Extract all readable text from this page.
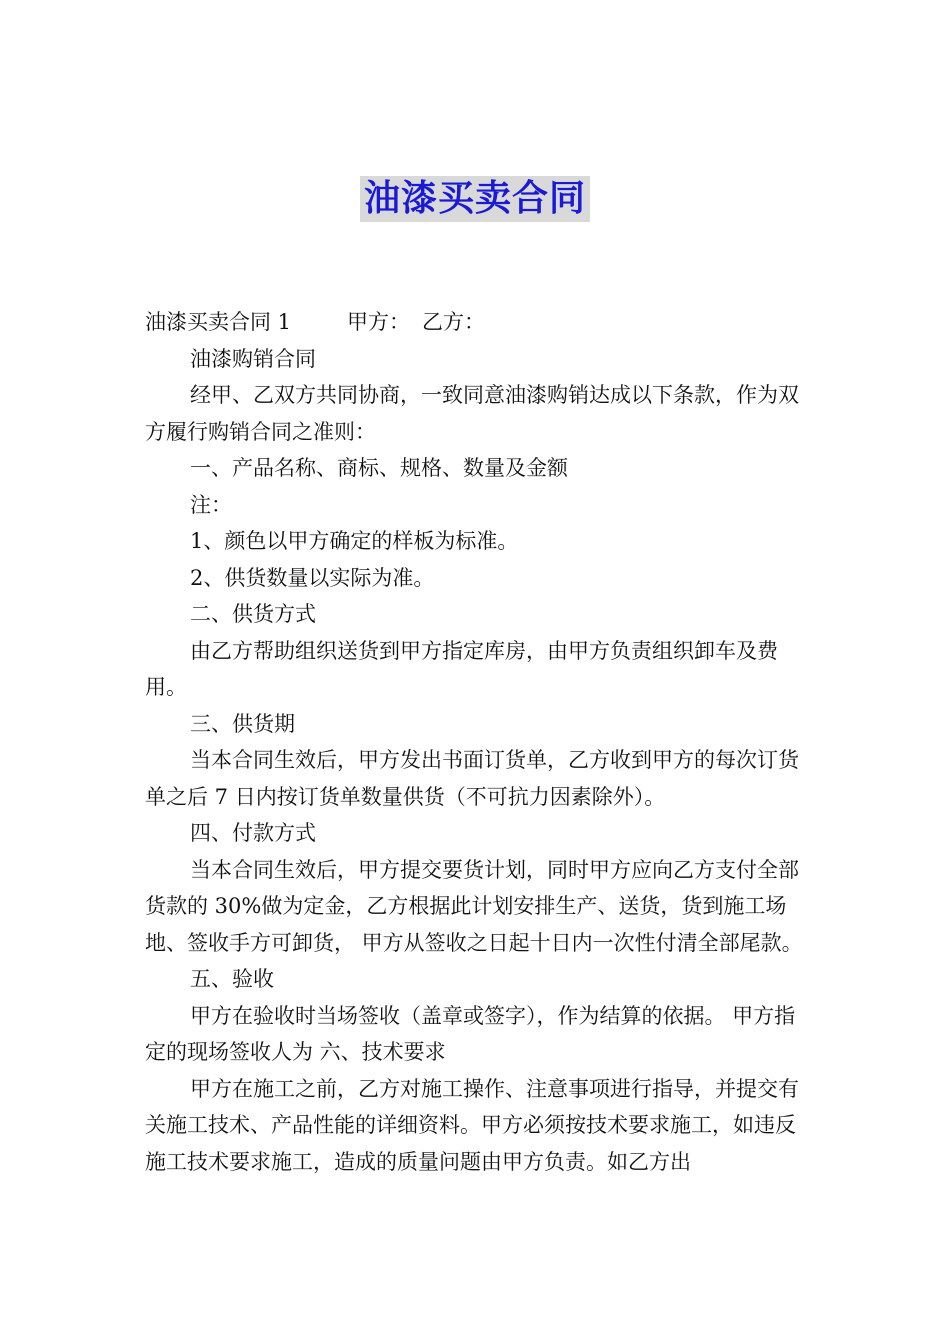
油漆买卖合同

油漆买卖合同 1	甲方： 乙方：

油漆购销合同

经甲、乙双方共同协商，一致同意油漆购销达成以下条款，作为双方履行购销合同之准则：

一、产品名称、商标、规格、数量及金额

注：

1、颜色以甲方确定的样板为标准。

2、供货数量以实际为准。

二、供货方式

由乙方帮助组织送货到甲方指定库房，由甲方负责组织卸车及费用。

三、供货期

当本合同生效后，甲方发出书面订货单，乙方收到甲方的每次订货单之后 7 日内按订货单数量供货（不可抗力因素除外）。

四、付款方式

当本合同生效后，甲方提交要货计划，同时甲方应向乙方支付全部货款的 30%做为定金，乙方根据此计划安排生产、送货，货到施工场地、签收手方可卸货， 甲方从签收之日起十日内一次性付清全部尾款。

五、验收

甲方在验收时当场签收（盖章或签字），作为结算的依据。 甲方指定的现场签收人为 六、技术要求

甲方在施工之前，乙方对施工操作、注意事项进行指导，并提交有关施工技术、产品性能的详细资料。甲方必须按技术要求施工，如违反施工技术要求施工，造成的质量问题由甲方负责。如乙方出
